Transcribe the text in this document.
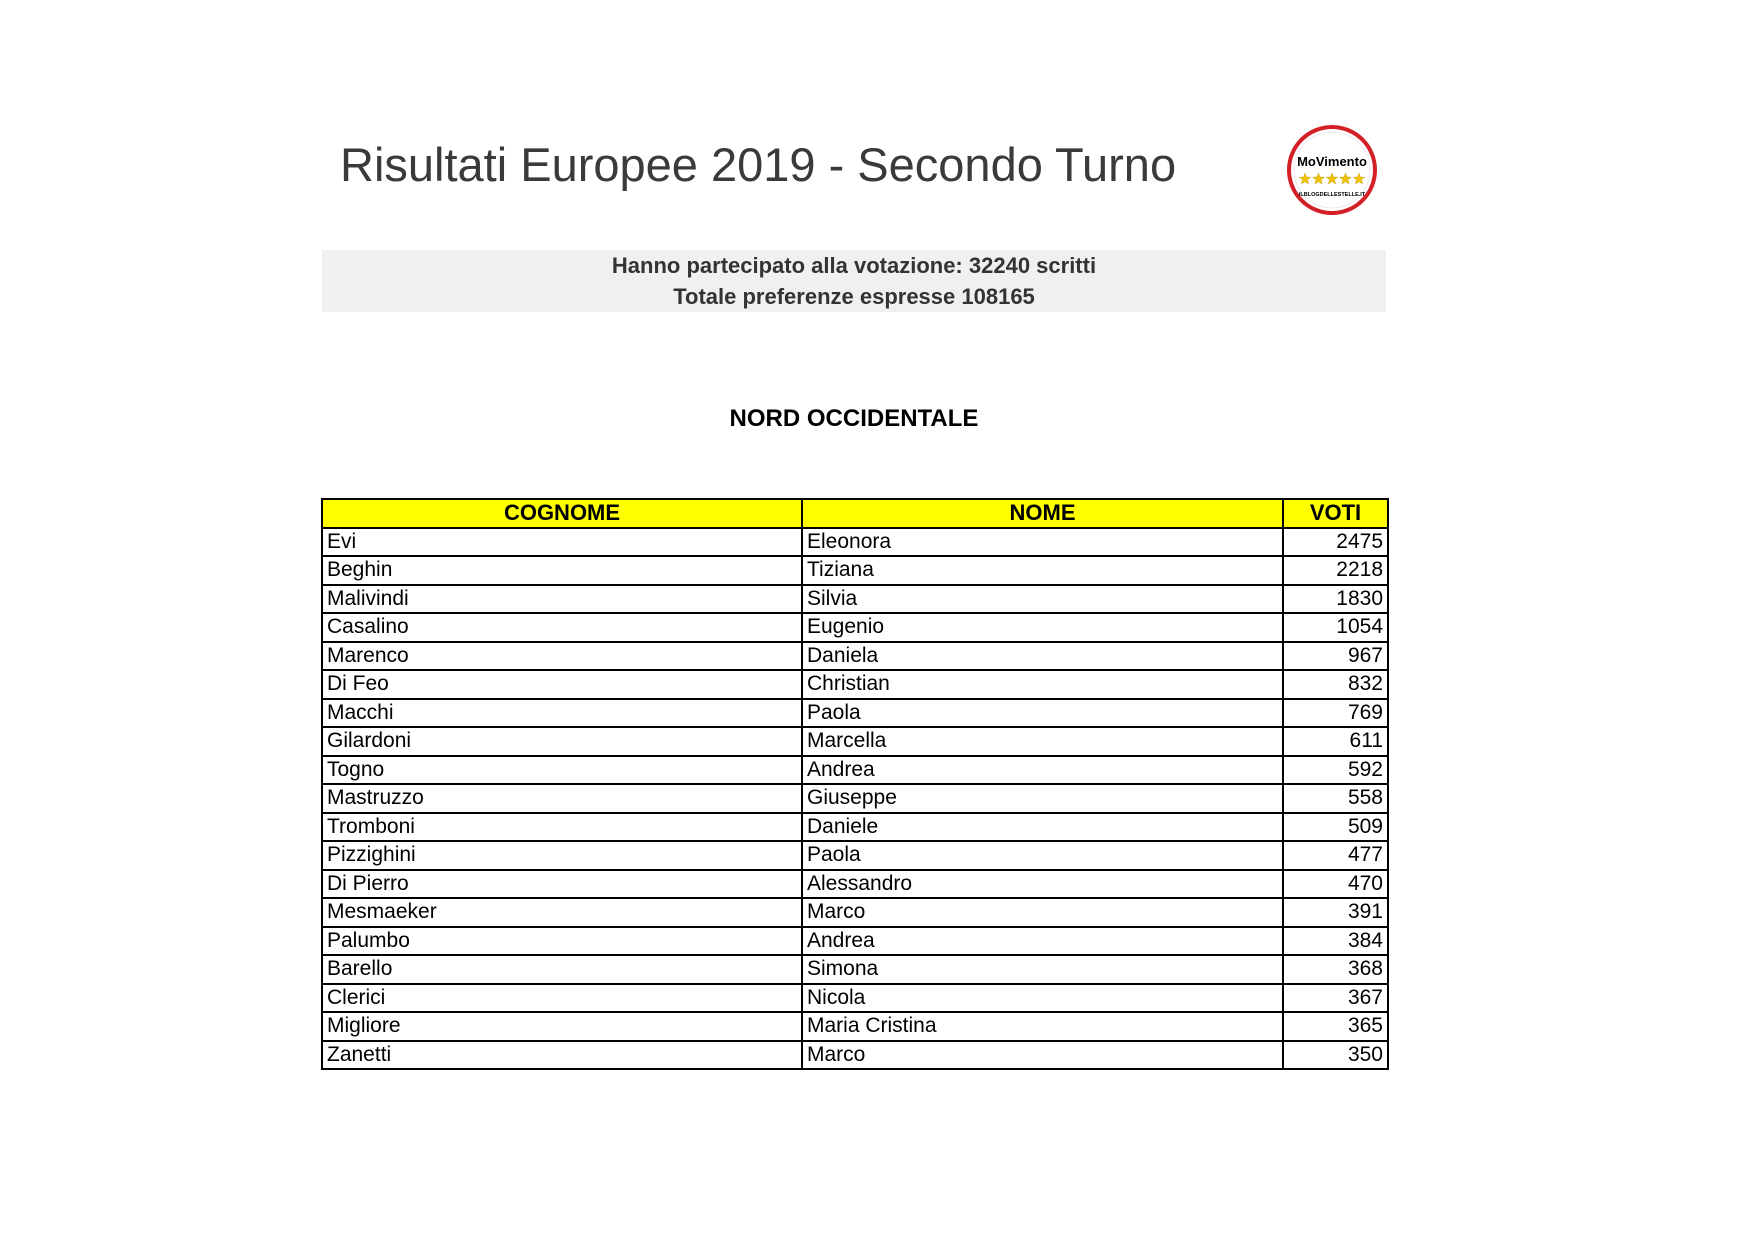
Risultati Europee 2019 - Secondo Turno	MoVimento
ILBLOGDELLESTELLE.IT
Hanno partecipato alla votazione: 32240 scritti
Totale preferenze espresse 108165
NORD OCCIDENTALE
COGNOME	NOME	VOTI
Evi	Eleonora	2475
Beghin	Tiziana	2218
Malivindi	Silvia	1830
Casalino	Eugenio	1054
Marenco	Daniela	967
Di Feo	Christian	832
Macchi	Paola	769
Gilardoni	Marcella	611
Togno	Andrea	592
Mastruzzo	Giuseppe	558
Tromboni	Daniele	509
Pizzighini	Paola	477
Di Pierro	Alessandro	470
Mesmaeker	Marco	391
Palumbo	Andrea	384
Barello	Simona	368
Clerici	Nicola	367
Migliore	Maria Cristina	365
Zanetti	Marco	350
